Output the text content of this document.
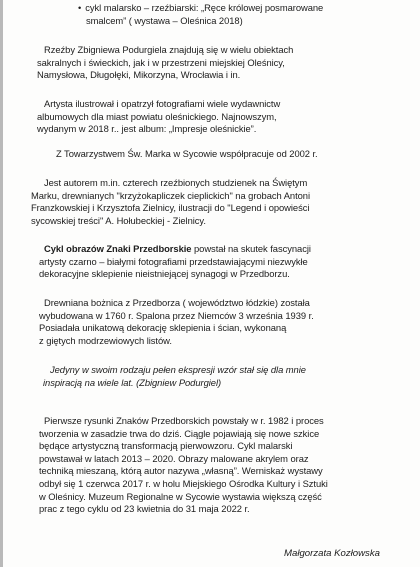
• cykl malarsko – rzeźbiarski: „Ręce królowej posmarowane
smalcem” ( wystawa – Oleśnica 2018)
Rzeźby Zbigniewa Podurgiela znajdują się w wielu obiektach
sakralnych i świeckich, jak i w przestrzeni miejskiej Oleśnicy,
Namysłowa, Długołęki, Mikorzyna, Wrocławia i in.
Artysta ilustrował i opatrzył fotografiami wiele wydawnictw
albumowych dla miast powiatu oleśnickiego. Najnowszym,
wydanym w 2018 r.. jest album: „Impresje oleśnickie”.
Z Towarzystwem Św. Marka w Sycowie współpracuje od 2002 r.
Jest autorem m.in. czterech rzeźbionych studzienek na Świętym
Marku, drewnianych "krzyżokapliczek cieplickich" na grobach Antoni
Franzkowskiej i Krzysztofa Zielnicy, ilustracji do "Legend i opowieści
sycowskiej treści" A. Hołubeckiej - Zielnicy.
Cykl obrazów Znaki Przedborskie powstał na skutek fascynacji
artysty czarno – białymi fotografiami przedstawiającymi niezwykłe
dekoracyjne sklepienie nieistniejącej synagogi w Przedborzu.
Drewniana bożnica z Przedborza ( województwo łódzkie) została
wybudowana w 1760 r. Spalona przez Niemców 3 września 1939 r.
Posiadała unikatową dekorację sklepienia i ścian, wykonaną
z giętych modrzewiowych listów.
Jedyny w swoim rodzaju pełen ekspresji wzór stał się dla mnie
inspiracją na wiele lat. (Zbigniew Podurgiel)
Pierwsze rysunki Znaków Przedborskich powstały w r. 1982 i proces
tworzenia w zasadzie trwa do dziś. Ciągle pojawiają się nowe szkice
będące artystyczną transformacją pierwowzoru. Cykl malarski
powstawał w latach 2013 – 2020. Obrazy malowane akrylem oraz
techniką mieszaną, którą autor nazywa „własną”. Werniskaż wystawy
odbył się 1 czerwca 2017 r. w holu Miejskiego Ośrodka Kultury i Sztuki
w Oleśnicy. Muzeum Regionalne w Sycowie wystawia większą część
prac z tego cyklu od 23 kwietnia do 31 maja 2022 r.
Małgorzata Kozłowska
